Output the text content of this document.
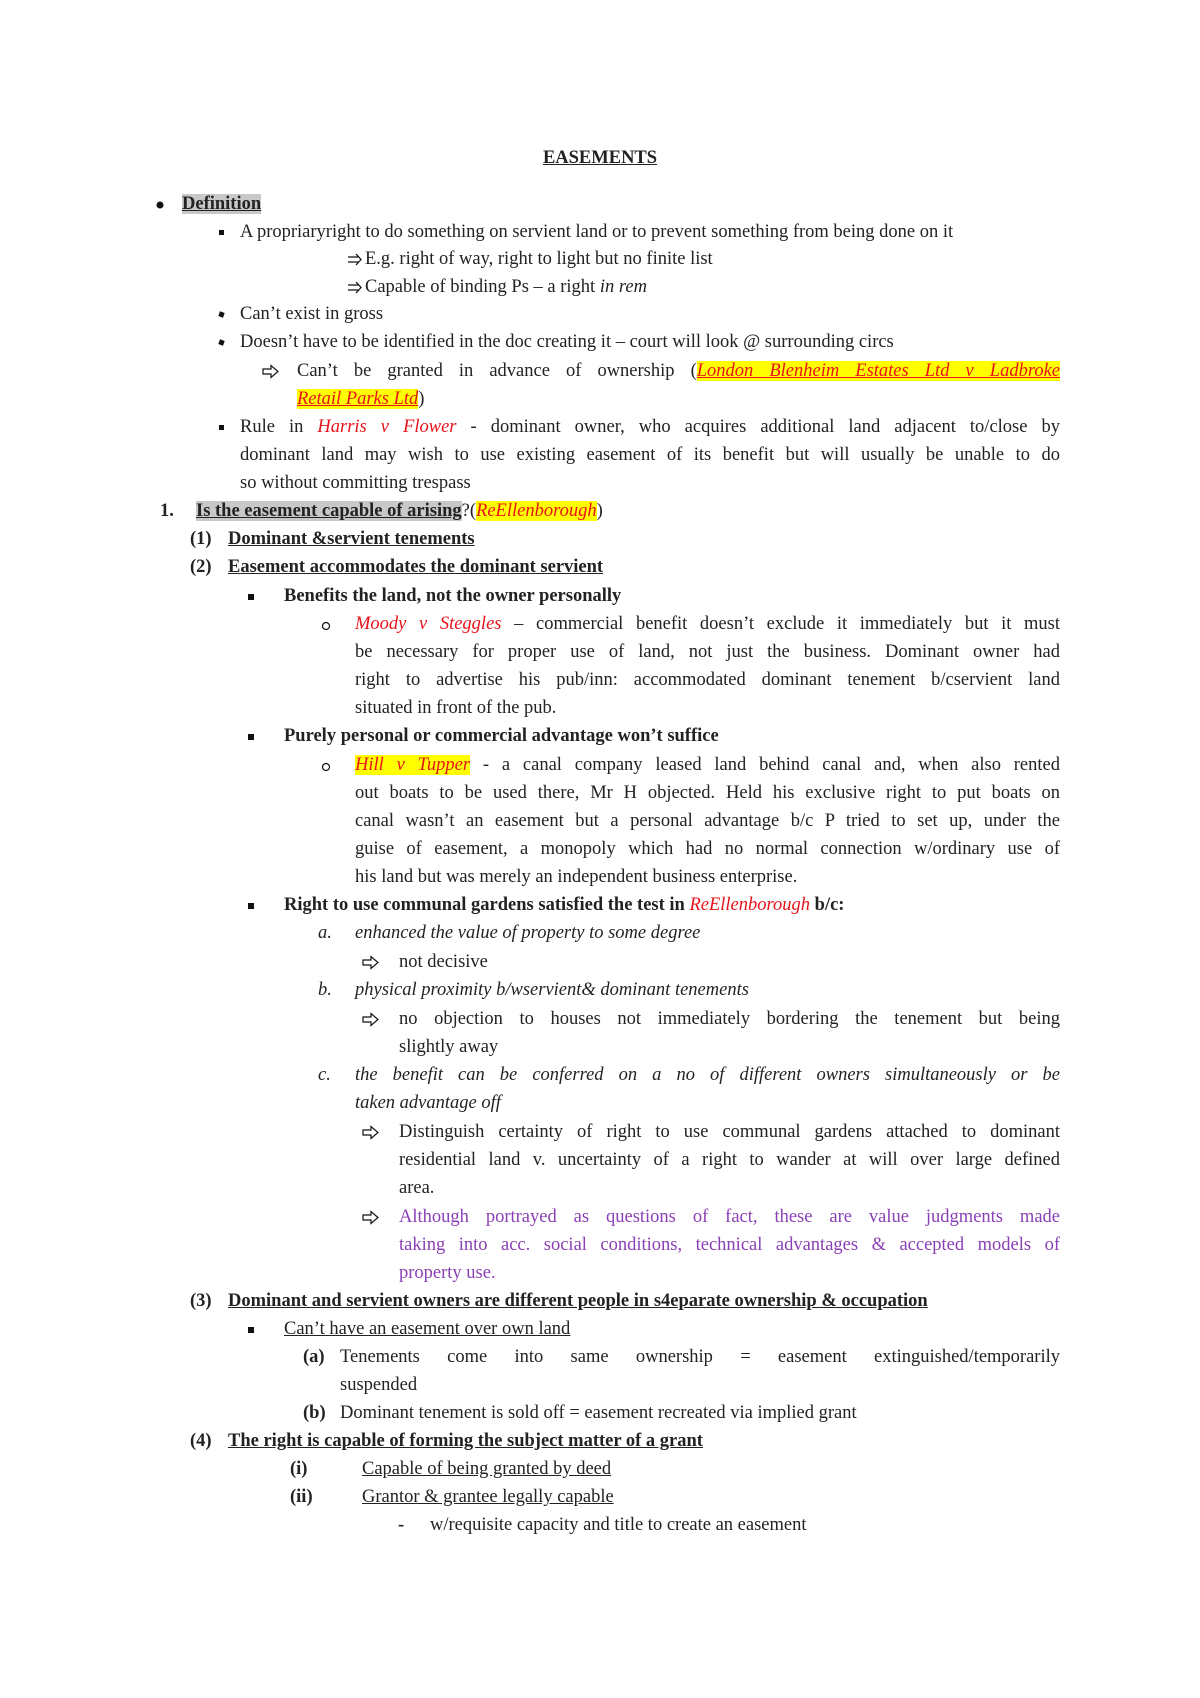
EASEMENTS
Definition
A propriaryright to do something on servient land or to prevent something from being done on it
E.g. right of way, right to light but no finite list
Capable of binding Ps – a right in rem
Can’t exist in gross
Doesn’t have to be identified in the doc creating it – court will look @ surrounding circs
Can’t be granted in advance of ownership (London Blenheim Estates Ltd v Ladbroke
Retail Parks Ltd)
Rule in Harris v Flower - dominant owner, who acquires additional land adjacent to/close by
dominant land may wish to use existing easement of its benefit but will usually be unable to do
so without committing trespass
1. Is the easement capable of arising?(ReEllenborough)
(1) Dominant &servient tenements
(2) Easement accommodates the dominant servient
Benefits the land, not the owner personally
Moody v Steggles – commercial benefit doesn’t exclude it immediately but it must
be necessary for proper use of land, not just the business. Dominant owner had
right to advertise his pub/inn: accommodated dominant tenement b/cservient land
situated in front of the pub.
Purely personal or commercial advantage won’t suffice
Hill v Tupper - a canal company leased land behind canal and, when also rented
out boats to be used there, Mr H objected. Held his exclusive right to put boats on
canal wasn’t an easement but a personal advantage b/c P tried to set up, under the
guise of easement, a monopoly which had no normal connection w/ordinary use of
his land but was merely an independent business enterprise.
Right to use communal gardens satisfied the test in ReEllenborough b/c:
a. enhanced the value of property to some degree
not decisive
b. physical proximity b/wservient& dominant tenements
no objection to houses not immediately bordering the tenement but being
slightly away
c. the benefit can be conferred on a no of different owners simultaneously or be
taken advantage off
Distinguish certainty of right to use communal gardens attached to dominant
residential land v. uncertainty of a right to wander at will over large defined
area.
Although portrayed as questions of fact, these are value judgments made
taking into acc. social conditions, technical advantages & accepted models of
property use.
(3) Dominant and servient owners are different people in s4eparate ownership & occupation
Can’t have an easement over own land
(a) Tenements come into same ownership = easement extinguished/temporarily
suspended
(b) Dominant tenement is sold off = easement recreated via implied grant
(4) The right is capable of forming the subject matter of a grant
(i)	Capable of being granted by deed
(ii)	Grantor & grantee legally capable
- w/requisite capacity and title to create an easement
